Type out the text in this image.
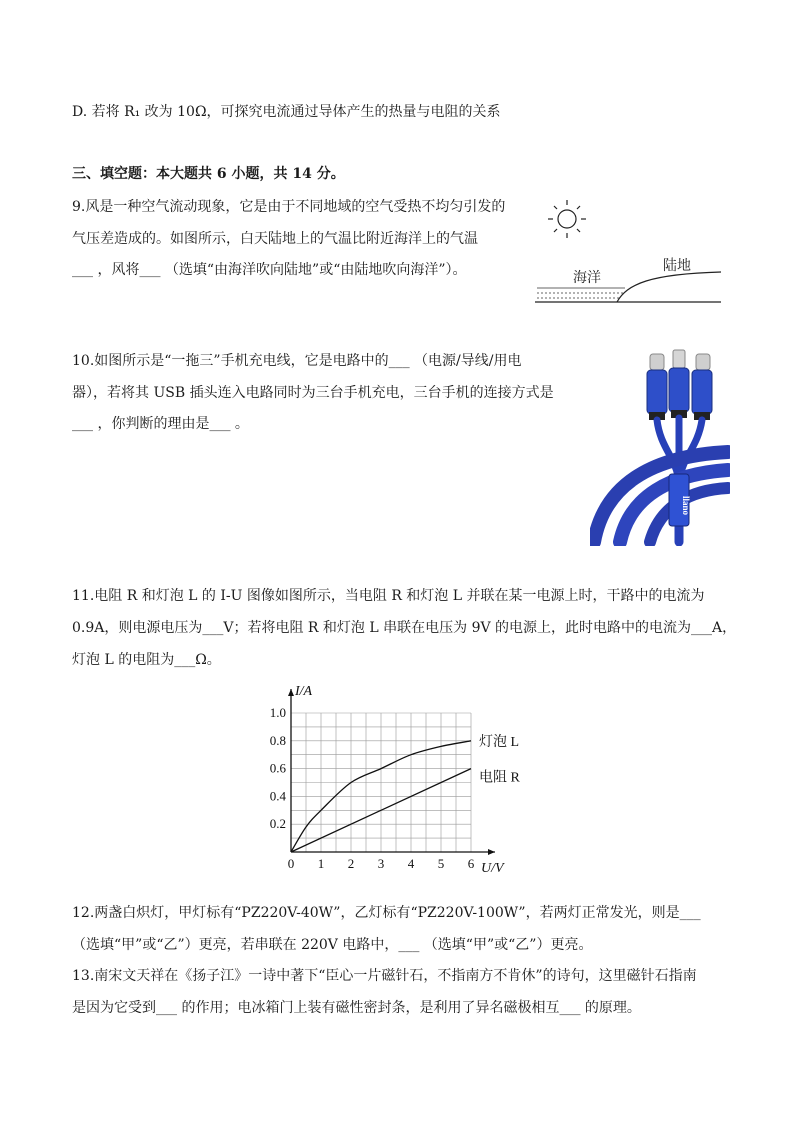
D. 若将 R₁ 改为 10Ω，可探究电流通过导体产生的热量与电阻的关系
三、填空题：本大题共 6 小题，共 14 分。
9.风是一种空气流动现象，它是由于不同地域的空气受热不均匀引发的
气压差造成的。如图所示，白天陆地上的气温比附近海洋上的气温
___ ，风将___ （选填“由海洋吹向陆地”或“由陆地吹向海洋”）。
海洋
陆地
10.如图所示是“一拖三”手机充电线，它是电路中的___ （电源/导线/用电
器），若将其 USB 插头连入电路同时为三台手机充电，三台手机的连接方式是
___ ，你判断的理由是___ 。
llano
11.电阻 R 和灯泡 L 的 I-U 图像如图所示，当电阻 R 和灯泡 L 并联在某一电源上时，干路中的电流为
0.9A，则电源电压为___V；若将电阻 R 和灯泡 L 串联在电压为 9V 的电源上，此时电路中的电流为___A，
灯泡 L 的电阻为___Ω。
0 1 2 3 4 5 6
0.2
0.4
0.6
0.8
1.0
I/A
U/V
灯泡 L
电阻 R
12.两盏白炽灯，甲灯标有“PZ220V-40W”，乙灯标有“PZ220V-100W”，若两灯正常发光，则是___
（选填“甲”或“乙”）更亮，若串联在 220V 电路中，___ （选填“甲”或“乙”）更亮。
13.南宋文天祥在《扬子江》一诗中著下“臣心一片磁针石，不指南方不肯休”的诗句，这里磁针石指南
是因为它受到___ 的作用；电冰箱门上装有磁性密封条，是利用了异名磁极相互___ 的原理。
